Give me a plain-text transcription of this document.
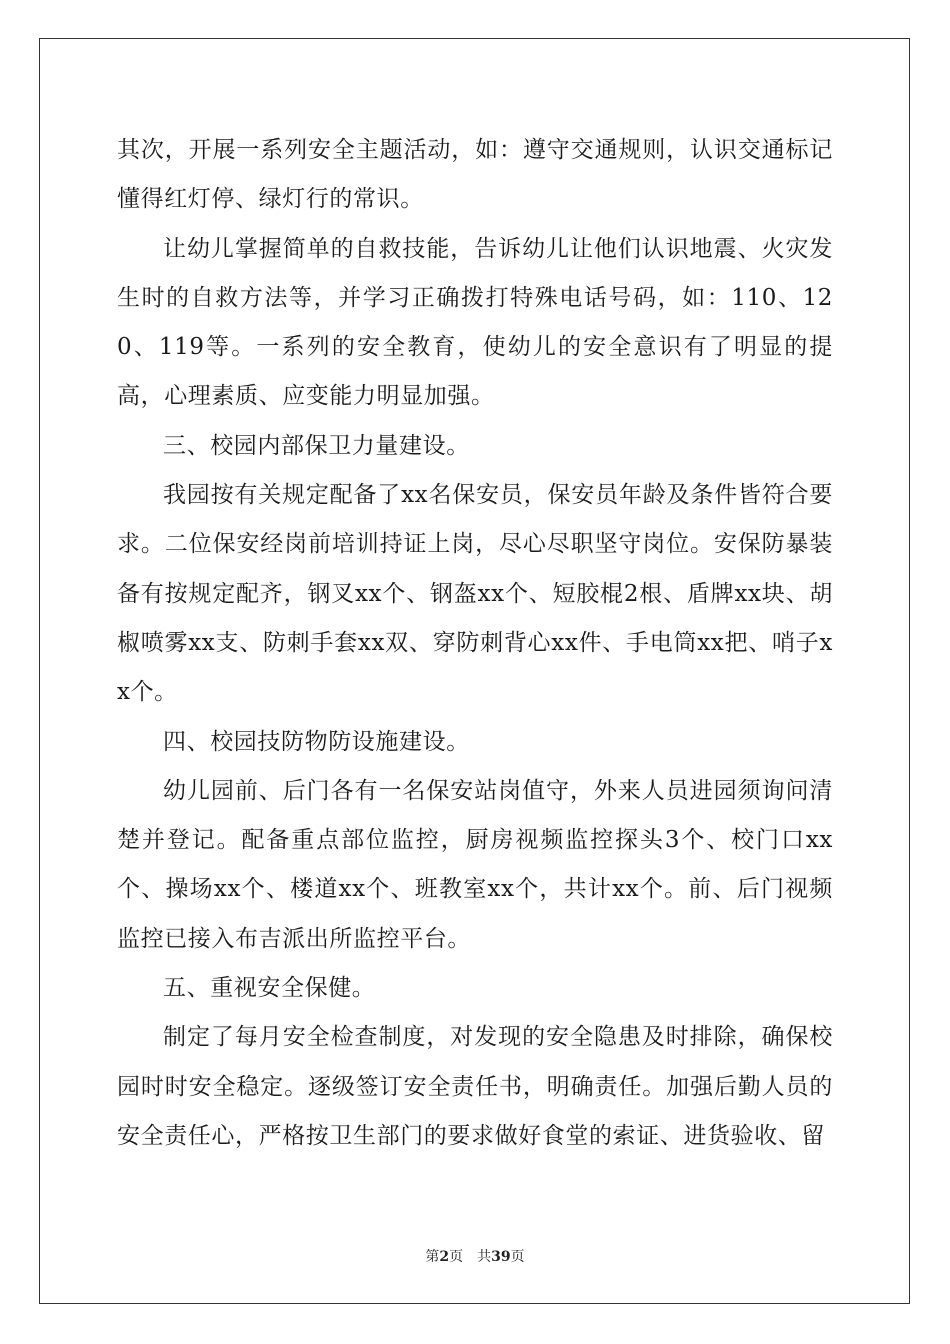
其次，开展一系列安全主题活动，如：遵守交通规则，认识交通标记懂得红灯停、绿灯行的常识。

让幼儿掌握简单的自救技能，告诉幼儿让他们认识地震、火灾发生时的自救方法等，并学习正确拨打特殊电话号码，如：110、120、119等。一系列的安全教育，使幼儿的安全意识有了明显的提高，心理素质、应变能力明显加强。

三、校园内部保卫力量建设。

我园按有关规定配备了xx名保安员，保安员年龄及条件皆符合要求。二位保安经岗前培训持证上岗，尽心尽职坚守岗位。安保防暴装备有按规定配齐，钢叉xx个、钢盔xx个、短胶棍2根、盾牌xx块、胡椒喷雾xx支、防刺手套xx双、穿防刺背心xx件、手电筒xx把、哨子xx个。

四、校园技防物防设施建设。

幼儿园前、后门各有一名保安站岗值守，外来人员进园须询问清楚并登记。配备重点部位监控，厨房视频监控探头3个、校门口xx个、操场xx个、楼道xx个、班教室xx个，共计xx个。前、后门视频监控已接入布吉派出所监控平台。

五、重视安全保健。

制定了每月安全检查制度，对发现的安全隐患及时排除，确保校园时时安全稳定。逐级签订安全责任书，明确责任。加强后勤人员的安全责任心，严格按卫生部门的要求做好食堂的索证、进货验收、留

第2页 共39页
